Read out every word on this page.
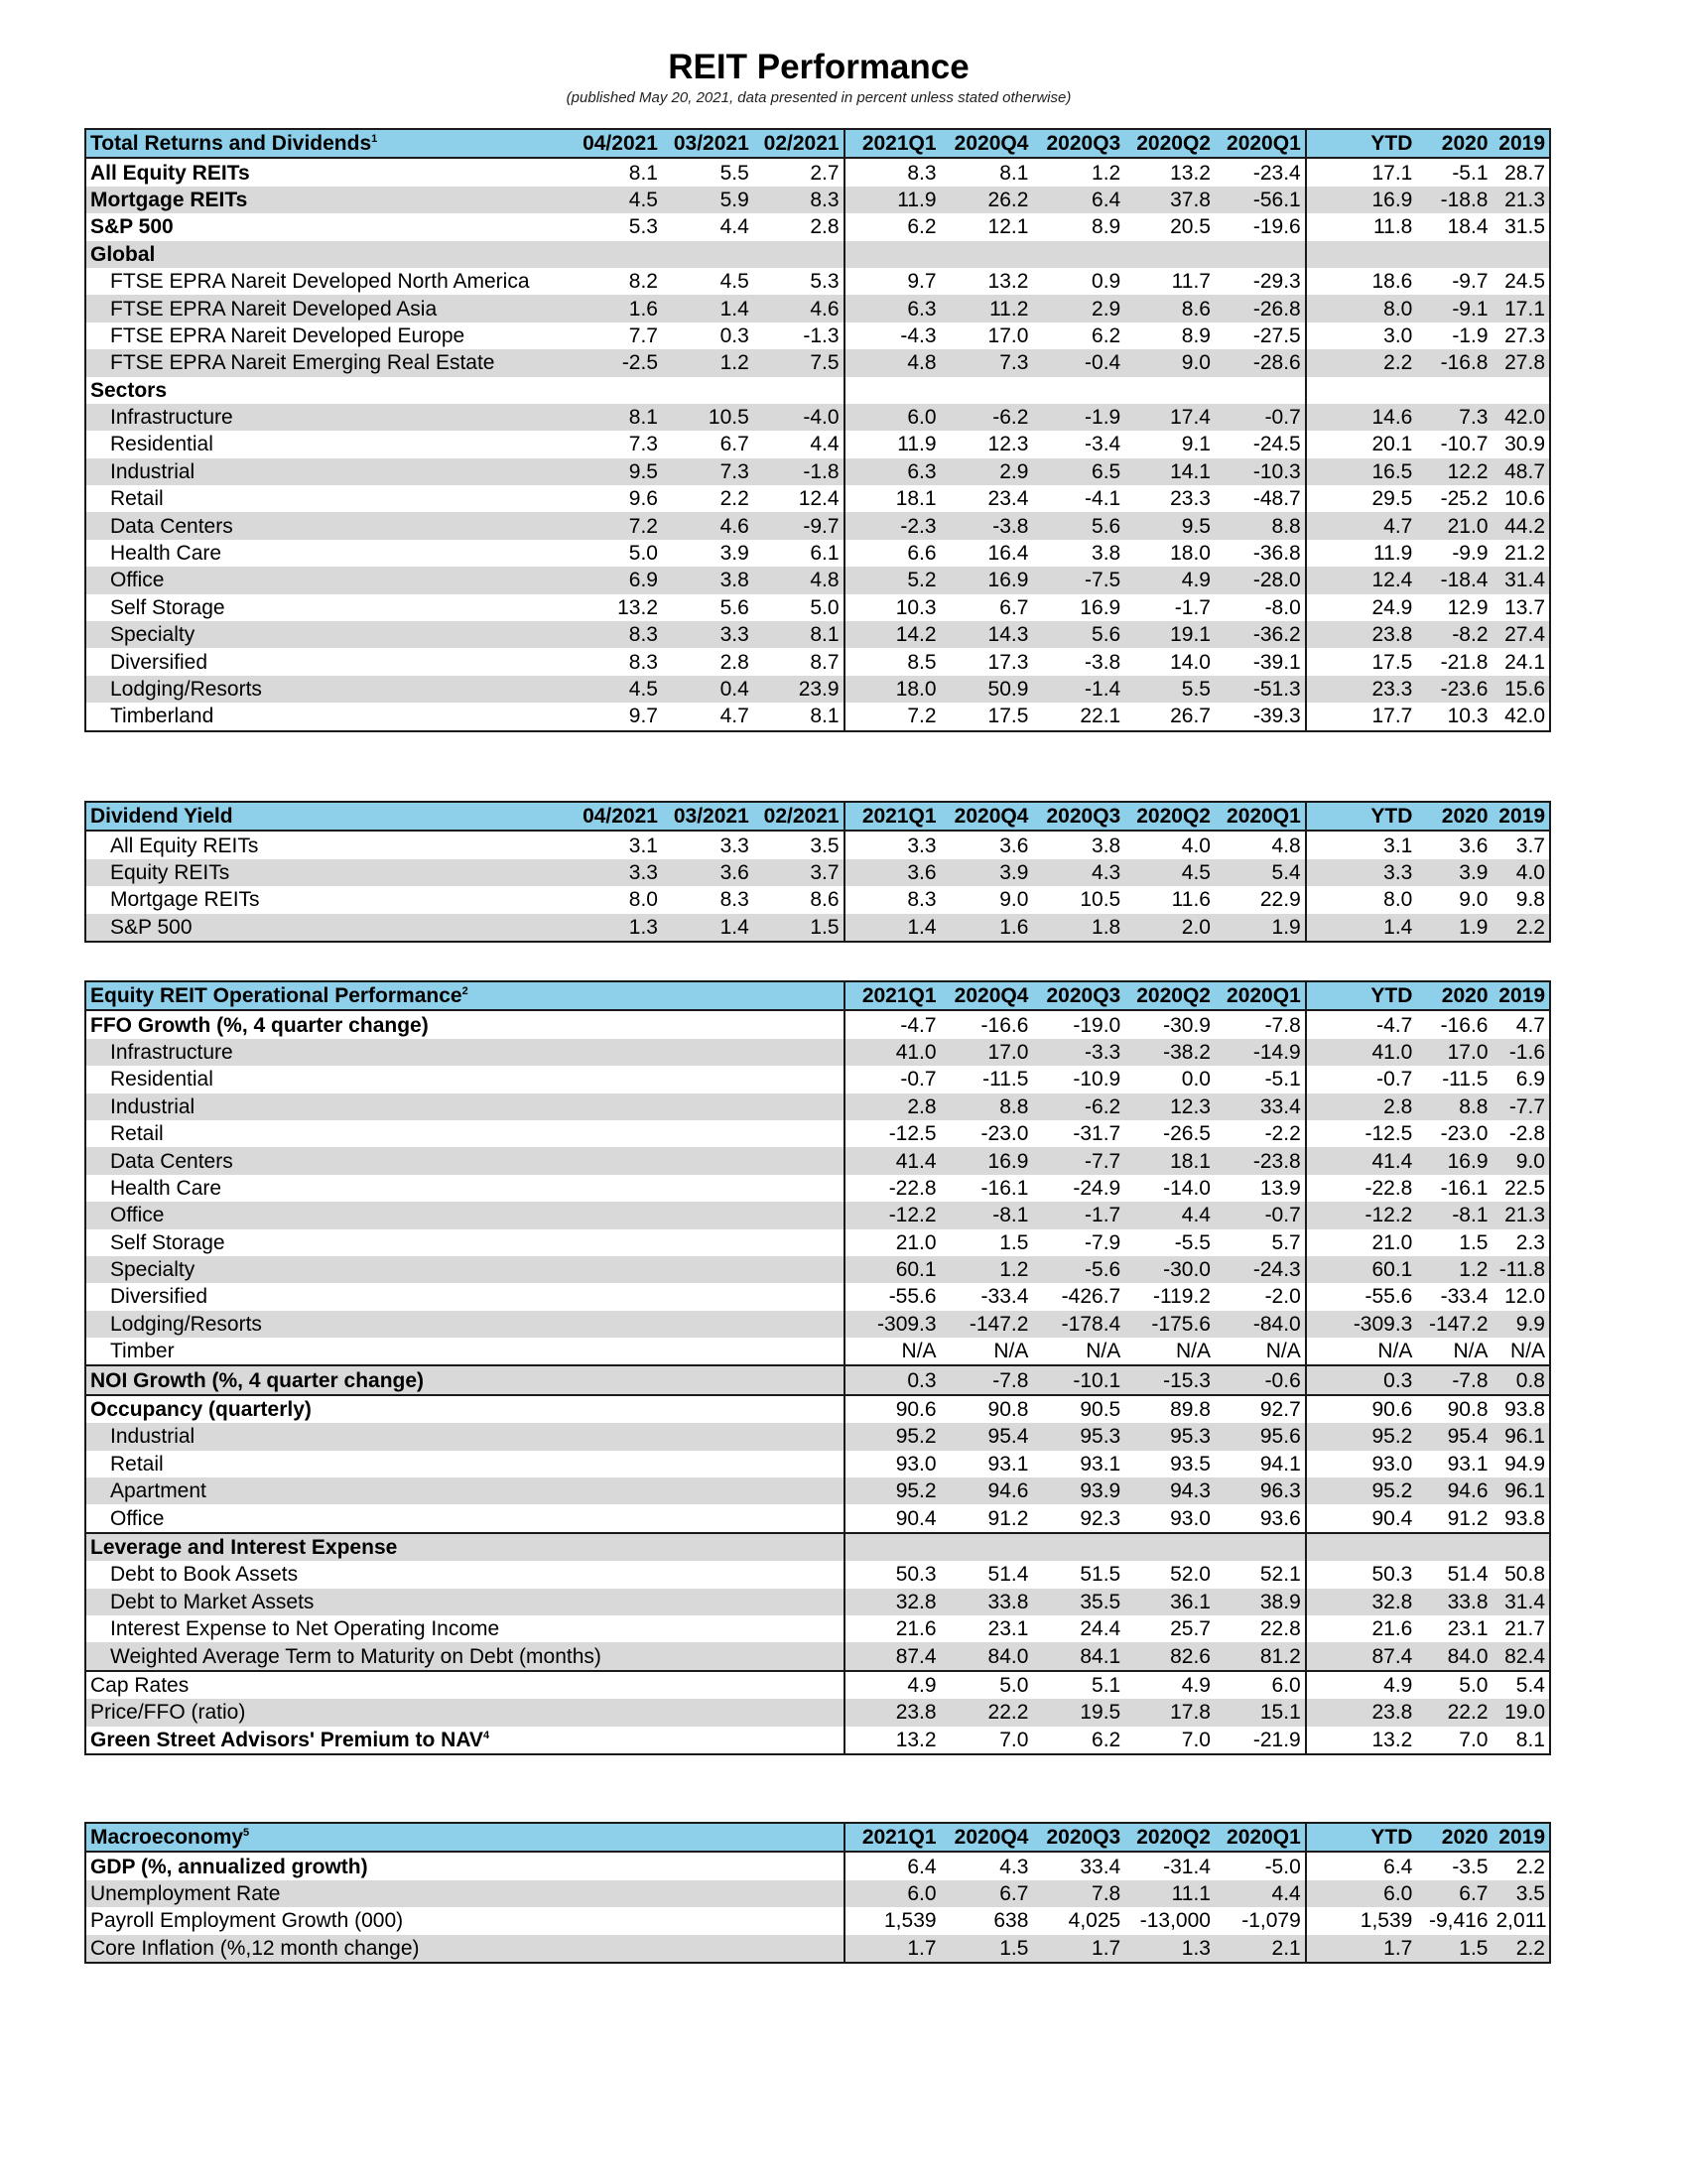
REIT Performance
(published May 20, 2021, data presented in percent unless stated otherwise)
Total Returns and Dividends$^1$	04/2021	03/2021	02/2021	2021Q1	2020Q4	2020Q3	2020Q2	2020Q1	YTD	2020	2019
All Equity REITs	8.1	5.5	2.7	8.3	8.1	1.2	13.2	-23.4	17.1	-5.1	28.7
Mortgage REITs	4.5	5.9	8.3	11.9	26.2	6.4	37.8	-56.1	16.9	-18.8	21.3
S&P 500	5.3	4.4	2.8	6.2	12.1	8.9	20.5	-19.6	11.8	18.4	31.5
Global											
FTSE EPRA Nareit Developed North America	8.2	4.5	5.3	9.7	13.2	0.9	11.7	-29.3	18.6	-9.7	24.5
FTSE EPRA Nareit Developed Asia	1.6	1.4	4.6	6.3	11.2	2.9	8.6	-26.8	8.0	-9.1	17.1
FTSE EPRA Nareit Developed Europe	7.7	0.3	-1.3	-4.3	17.0	6.2	8.9	-27.5	3.0	-1.9	27.3
FTSE EPRA Nareit Emerging Real Estate	-2.5	1.2	7.5	4.8	7.3	-0.4	9.0	-28.6	2.2	-16.8	27.8
Sectors											
Infrastructure	8.1	10.5	-4.0	6.0	-6.2	-1.9	17.4	-0.7	14.6	7.3	42.0
Residential	7.3	6.7	4.4	11.9	12.3	-3.4	9.1	-24.5	20.1	-10.7	30.9
Industrial	9.5	7.3	-1.8	6.3	2.9	6.5	14.1	-10.3	16.5	12.2	48.7
Retail	9.6	2.2	12.4	18.1	23.4	-4.1	23.3	-48.7	29.5	-25.2	10.6
Data Centers	7.2	4.6	-9.7	-2.3	-3.8	5.6	9.5	8.8	4.7	21.0	44.2
Health Care	5.0	3.9	6.1	6.6	16.4	3.8	18.0	-36.8	11.9	-9.9	21.2
Office	6.9	3.8	4.8	5.2	16.9	-7.5	4.9	-28.0	12.4	-18.4	31.4
Self Storage	13.2	5.6	5.0	10.3	6.7	16.9	-1.7	-8.0	24.9	12.9	13.7
Specialty	8.3	3.3	8.1	14.2	14.3	5.6	19.1	-36.2	23.8	-8.2	27.4
Diversified	8.3	2.8	8.7	8.5	17.3	-3.8	14.0	-39.1	17.5	-21.8	24.1
Lodging/Resorts	4.5	0.4	23.9	18.0	50.9	-1.4	5.5	-51.3	23.3	-23.6	15.6
Timberland	9.7	4.7	8.1	7.2	17.5	22.1	26.7	-39.3	17.7	10.3	42.0
Dividend Yield	04/2021	03/2021	02/2021	2021Q1	2020Q4	2020Q3	2020Q2	2020Q1	YTD	2020	2019
All Equity REITs	3.1	3.3	3.5	3.3	3.6	3.8	4.0	4.8	3.1	3.6	3.7
Equity REITs	3.3	3.6	3.7	3.6	3.9	4.3	4.5	5.4	3.3	3.9	4.0
Mortgage REITs	8.0	8.3	8.6	8.3	9.0	10.5	11.6	22.9	8.0	9.0	9.8
S&P 500	1.3	1.4	1.5	1.4	1.6	1.8	2.0	1.9	1.4	1.9	2.2
Equity REIT Operational Performance$^2$				2021Q1	2020Q4	2020Q3	2020Q2	2020Q1	YTD	2020	2019
FFO Growth (%, 4 quarter change)				-4.7	-16.6	-19.0	-30.9	-7.8	-4.7	-16.6	4.7
Infrastructure				41.0	17.0	-3.3	-38.2	-14.9	41.0	17.0	-1.6
Residential				-0.7	-11.5	-10.9	0.0	-5.1	-0.7	-11.5	6.9
Industrial				2.8	8.8	-6.2	12.3	33.4	2.8	8.8	-7.7
Retail				-12.5	-23.0	-31.7	-26.5	-2.2	-12.5	-23.0	-2.8
Data Centers				41.4	16.9	-7.7	18.1	-23.8	41.4	16.9	9.0
Health Care				-22.8	-16.1	-24.9	-14.0	13.9	-22.8	-16.1	22.5
Office				-12.2	-8.1	-1.7	4.4	-0.7	-12.2	-8.1	21.3
Self Storage				21.0	1.5	-7.9	-5.5	5.7	21.0	1.5	2.3
Specialty				60.1	1.2	-5.6	-30.0	-24.3	60.1	1.2	-11.8
Diversified				-55.6	-33.4	-426.7	-119.2	-2.0	-55.6	-33.4	12.0
Lodging/Resorts				-309.3	-147.2	-178.4	-175.6	-84.0	-309.3	-147.2	9.9
Timber				N/A	N/A	N/A	N/A	N/A	N/A	N/A	N/A
NOI Growth (%, 4 quarter change)				0.3	-7.8	-10.1	-15.3	-0.6	0.3	-7.8	0.8
Occupancy (quarterly)				90.6	90.8	90.5	89.8	92.7	90.6	90.8	93.8
Industrial				95.2	95.4	95.3	95.3	95.6	95.2	95.4	96.1
Retail				93.0	93.1	93.1	93.5	94.1	93.0	93.1	94.9
Apartment				95.2	94.6	93.9	94.3	96.3	95.2	94.6	96.1
Office				90.4	91.2	92.3	93.0	93.6	90.4	91.2	93.8
Leverage and Interest Expense											
Debt to Book Assets				50.3	51.4	51.5	52.0	52.1	50.3	51.4	50.8
Debt to Market Assets				32.8	33.8	35.5	36.1	38.9	32.8	33.8	31.4
Interest Expense to Net Operating Income				21.6	23.1	24.4	25.7	22.8	21.6	23.1	21.7
Weighted Average Term to Maturity on Debt (months)				87.4	84.0	84.1	82.6	81.2	87.4	84.0	82.4
Cap Rates				4.9	5.0	5.1	4.9	6.0	4.9	5.0	5.4
Price/FFO (ratio)				23.8	22.2	19.5	17.8	15.1	23.8	22.2	19.0
Green Street Advisors' Premium to NAV$^4$				13.2	7.0	6.2	7.0	-21.9	13.2	7.0	8.1
Macroeconomy$^5$				2021Q1	2020Q4	2020Q3	2020Q2	2020Q1	YTD	2020	2019
GDP (%, annualized growth)				6.4	4.3	33.4	-31.4	-5.0	6.4	-3.5	2.2
Unemployment Rate				6.0	6.7	7.8	11.1	4.4	6.0	6.7	3.5
Payroll Employment Growth (000)				1,539	638	4,025	-13,000	-1,079	1,539	-9,416	2,011
Core Inflation (%,12 month change)				1.7	1.5	1.7	1.3	2.1	1.7	1.5	2.2
